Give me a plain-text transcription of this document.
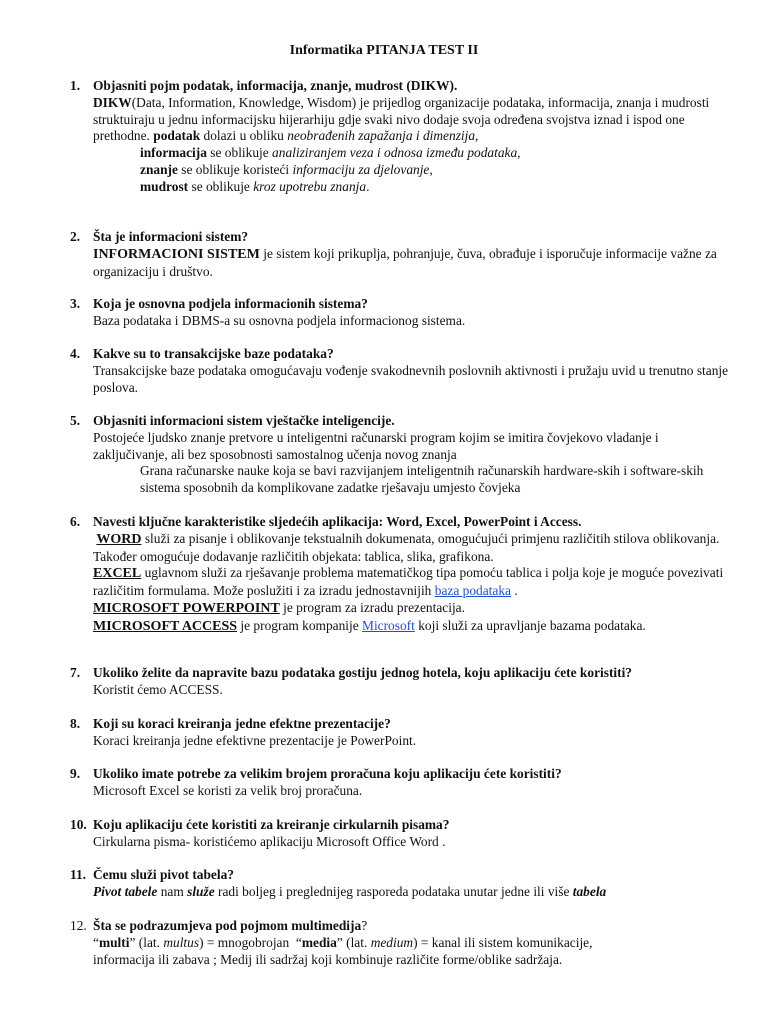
Informatika PITANJA TEST II
1. Objasniti pojm podatak, informacija, znanje, mudrost (DIKW).
DIKW(Data, Information, Knowledge, Wisdom) je prijedlog organizacije podataka, informacija, znanja i mudrosti struktuiraju u jednu informacijsku hijerarhiju gdje svaki nivo dodaje svoja određena svojstva iznad i ispod one prethodne. podatak dolazi u obliku neobrađenih zapažanja i dimenzija,
informacija se oblikuje analiziranjem veza i odnosa između podataka,
znanje se oblikuje koristeći informaciju za djelovanje,
mudrost se oblikuje kroz upotrebu znanja.
2. Šta je informacioni sistem?
INFORMACIONI SISTEM je sistem koji prikuplja, pohranjuje, čuva, obrađuje i isporučuje informacije važne za organizaciju i društvo.
3. Koja je osnovna podjela informacionih sistema?
Baza podataka i DBMS-a su osnovna podjela informacionog sistema.
4. Kakve su to transakcijske baze podataka?
Transakcijske baze podataka omogućavaju vođenje svakodnevnih poslovnih aktivnosti i pružaju uvid u trenutno stanje poslova.
5. Objasniti informacioni sistem vještačke inteligencije.
Postojeće ljudsko znanje pretvore u inteligentni računarski program kojim se imitira čovjekovo vladanje i zaključivanje, ali bez sposobnosti samostalnog učenja novog znanja
Grana računarske nauke koja se bavi razvijanjem inteligentnih računarskih hardware-skih i software-skih sistema sposobnih da komplikovane zadatke rješavaju umjesto čovjeka
6. Navesti ključne karakteristike sljedećih aplikacija: Word, Excel, PowerPoint i Access.
WORD služi za pisanje i oblikovanje tekstualnih dokumenata, omogućujući primjenu različitih stilova oblikovanja. Također omogućuje dodavanje različitih objekata: tablica, slika, grafikona.
EXCEL uglavnom služi za rješavanje problema matematičkog tipa pomoću tablica i polja koje je moguće povezivati različitim formulama. Može poslužiti i za izradu jednostavnijih baza podataka .
MICROSOFT POWERPOINT je program za izradu prezentacija.
MICROSOFT ACCESS je program kompanije Microsoft koji služi za upravljanje bazama podataka.
7. Ukoliko želite da napravite bazu podataka gostiju jednog hotela, koju aplikaciju ćete koristiti?
Koristit ćemo ACCESS.
8. Koji su koraci kreiranja jedne efektne prezentacije?
Koraci kreiranja jedne efektivne prezentacije je PowerPoint.
9. Ukoliko imate potrebe za velikim brojem proračuna koju aplikaciju ćete koristiti?
Microsoft Excel se koristi za velik broj proračuna.
10. Koju aplikaciju ćete koristiti za kreiranje cirkularnih pisama?
Cirkularna pisma- koristićemo aplikaciju Microsoft Office Word .
11. Čemu služi pivot tabela?
Pivot tabele nam služe radi boljeg i preglednijeg rasporeda podataka unutar jedne ili više tabela
12. Šta se podrazumjeva pod pojmom multimedija?
“multi” (lat. multus) = mnogobrojan “media” (lat. medium) = kanal ili sistem komunikacije,
informacija ili zabava ; Medij ili sadržaj koji kombinuje različite forme/oblike sadržaja.
